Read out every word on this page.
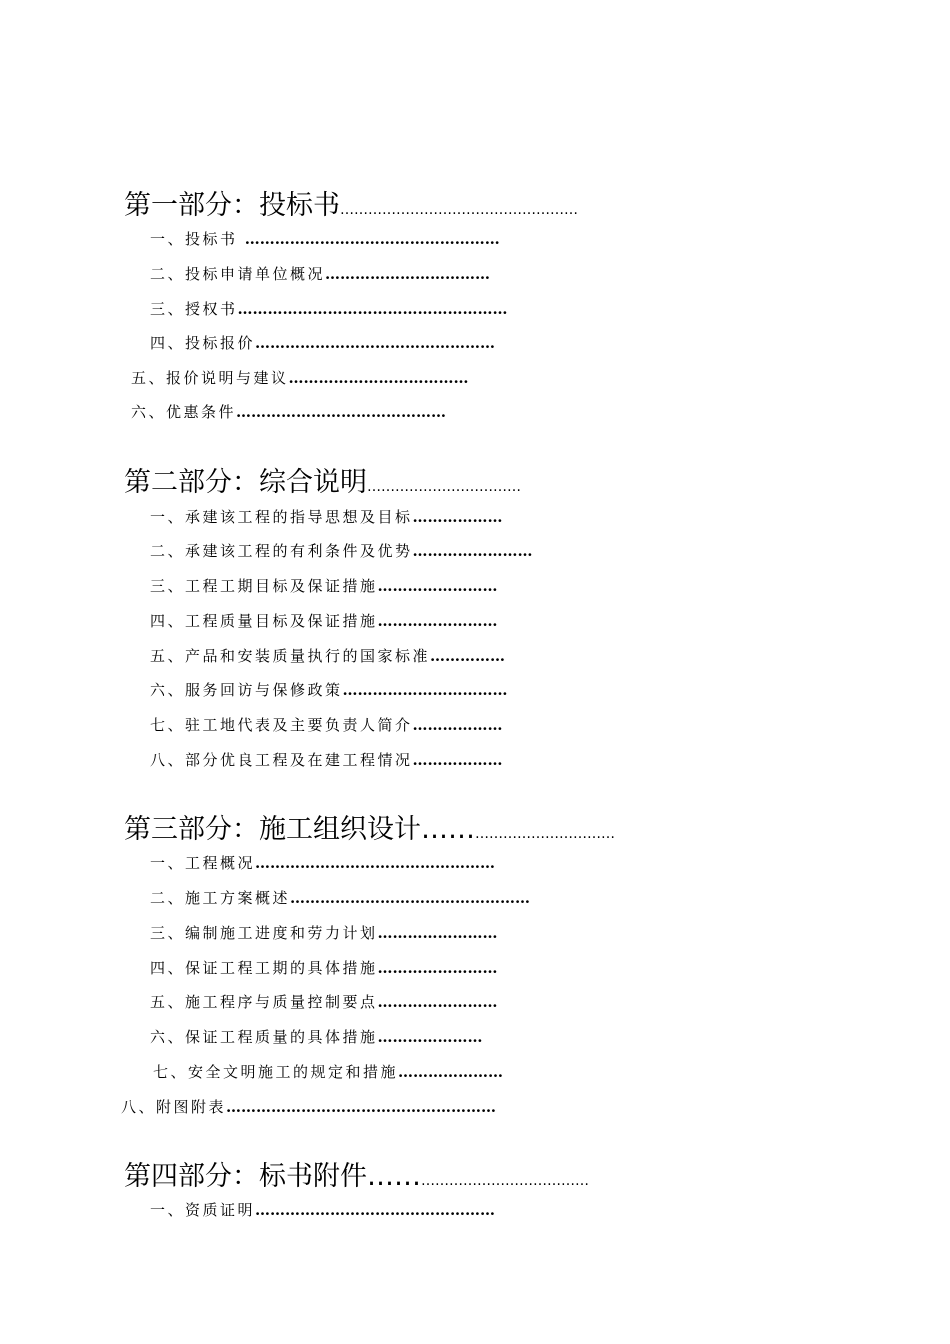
第一部分：投标书……………………………………………
一、投标书 ……………………………………………
二、投标申请单位概况……………………………
三、授权书………………………………………………
四、投标报价…………………………………………
五、报价说明与建议………………………………
六、优惠条件……………………………………
第二部分：综合说明……………………………
一、承建该工程的指导思想及目标………………
二、承建该工程的有利条件及优势……………………
三、工程工期目标及保证措施……………………
四、工程质量目标及保证措施……………………
五、产品和安装质量执行的国家标准……………
六、服务回访与保修政策……………………………
七、驻工地代表及主要负责人简介………………
八、部分优良工程及在建工程情况………………
第三部分：施工组织设计………………………………
一、工程概况…………………………………………
二、施工方案概述…………………………………………
三、编制施工进度和劳力计划……………………
四、保证工程工期的具体措施……………………
五、施工程序与质量控制要点……………………
六、保证工程质量的具体措施…………………
七、安全文明施工的规定和措施…………………
八、附图附表………………………………………………
第四部分：标书附件……………………………………
一、资质证明…………………………………………
